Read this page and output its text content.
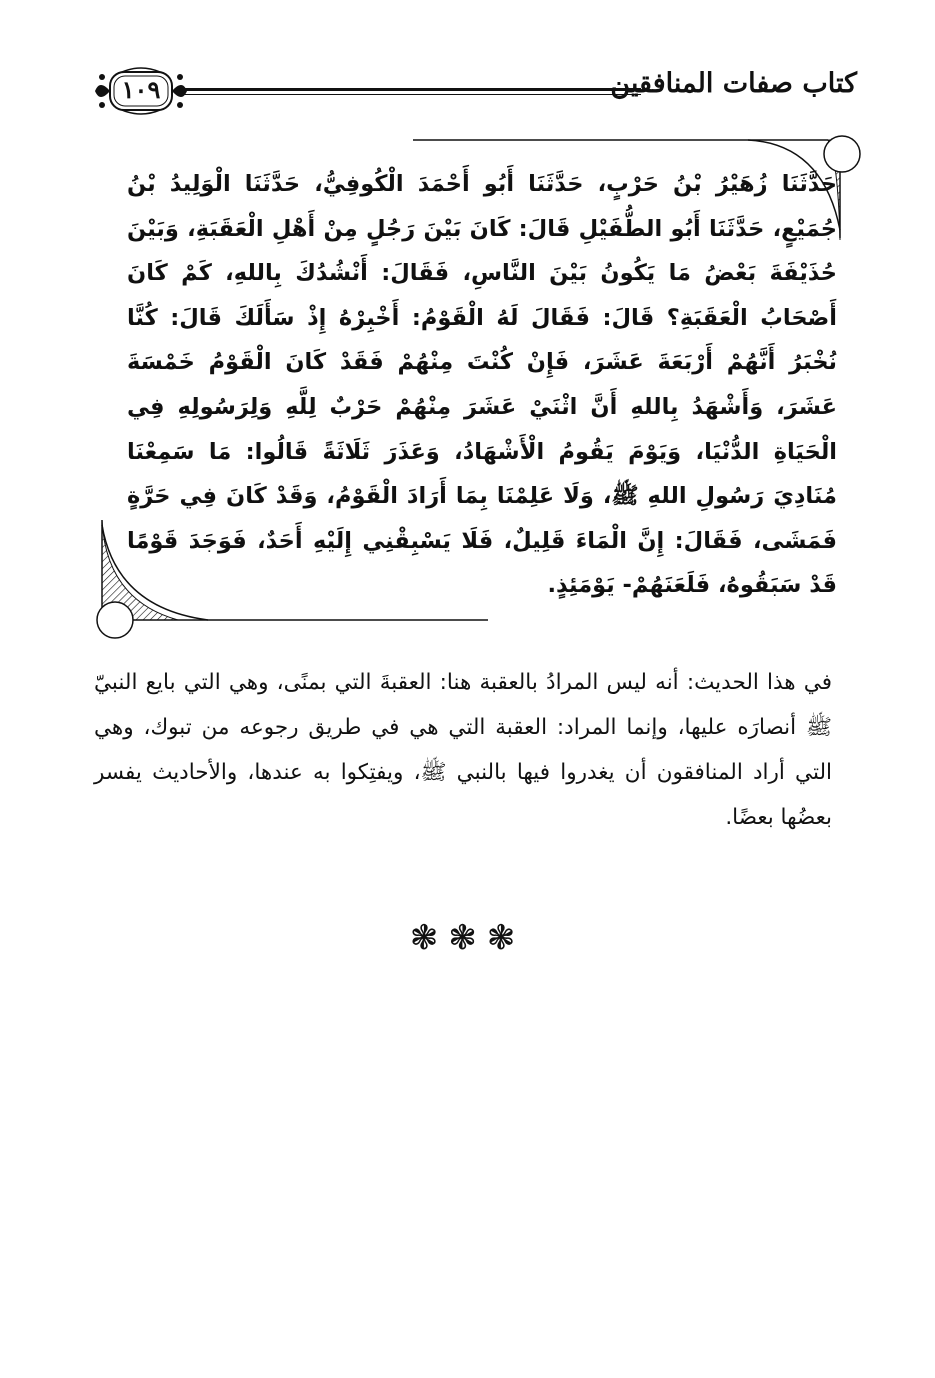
١٠٩	كتاب صفات المنافقين
حَدَّثَنَا زُهَيْرُ بْنُ حَرْبٍ، حَدَّثَنَا أَبُو أَحْمَدَ الْكُوفِيُّ، حَدَّثَنَا الْوَلِيدُ بْنُ جُمَيْعٍ، حَدَّثَنَا أَبُو الطُّفَيْلِ قَالَ: كَانَ بَيْنَ رَجُلٍ مِنْ أَهْلِ الْعَقَبَةِ، وَبَيْنَ حُذَيْفَةَ بَعْضُ مَا يَكُونُ بَيْنَ النَّاسِ، فَقَالَ: أَنْشُدُكَ بِاللهِ، كَمْ كَانَ أَصْحَابُ الْعَقَبَةِ؟ قَالَ: فَقَالَ لَهُ الْقَوْمُ: أَخْبِرْهُ إِذْ سَأَلَكَ قَالَ: كُنَّا نُخْبَرُ أَنَّهُمْ أَرْبَعَةَ عَشَرَ، فَإِنْ كُنْتَ مِنْهُمْ فَقَدْ كَانَ الْقَوْمُ خَمْسَةَ عَشَرَ، وَأَشْهَدُ بِاللهِ أَنَّ اثْنَيْ عَشَرَ مِنْهُمْ حَرْبٌ لِلَّهِ وَلِرَسُولِهِ فِي الْحَيَاةِ الدُّنْيَا، وَيَوْمَ يَقُومُ الْأَشْهَادُ، وَعَذَرَ ثَلَاثَةً قَالُوا: مَا سَمِعْنَا مُنَادِيَ رَسُولِ اللهِ ﷺ، وَلَا عَلِمْنَا بِمَا أَرَادَ الْقَوْمُ، وَقَدْ كَانَ فِي حَرَّةٍ فَمَشَى، فَقَالَ: إِنَّ الْمَاءَ قَلِيلٌ، فَلَا يَسْبِقْنِي إِلَيْهِ أَحَدٌ، فَوَجَدَ قَوْمًا قَدْ سَبَقُوهُ، فَلَعَنَهُمْ- يَوْمَئِذٍ.
في هذا الحديث: أنه ليس المرادُ بالعقبة هنا: العقبةَ التي بمنًى، وهي التي بايع النبيّ ﷺ أنصارَه عليها، وإنما المراد: العقبة التي هي في طريق رجوعه من تبوك، وهي التي أراد المنافقون أن يغدروا فيها بالنبي ﷺ، ويفتِكوا به عندها، والأحاديث يفسر بعضُها بعضًا.
❃❃❃
